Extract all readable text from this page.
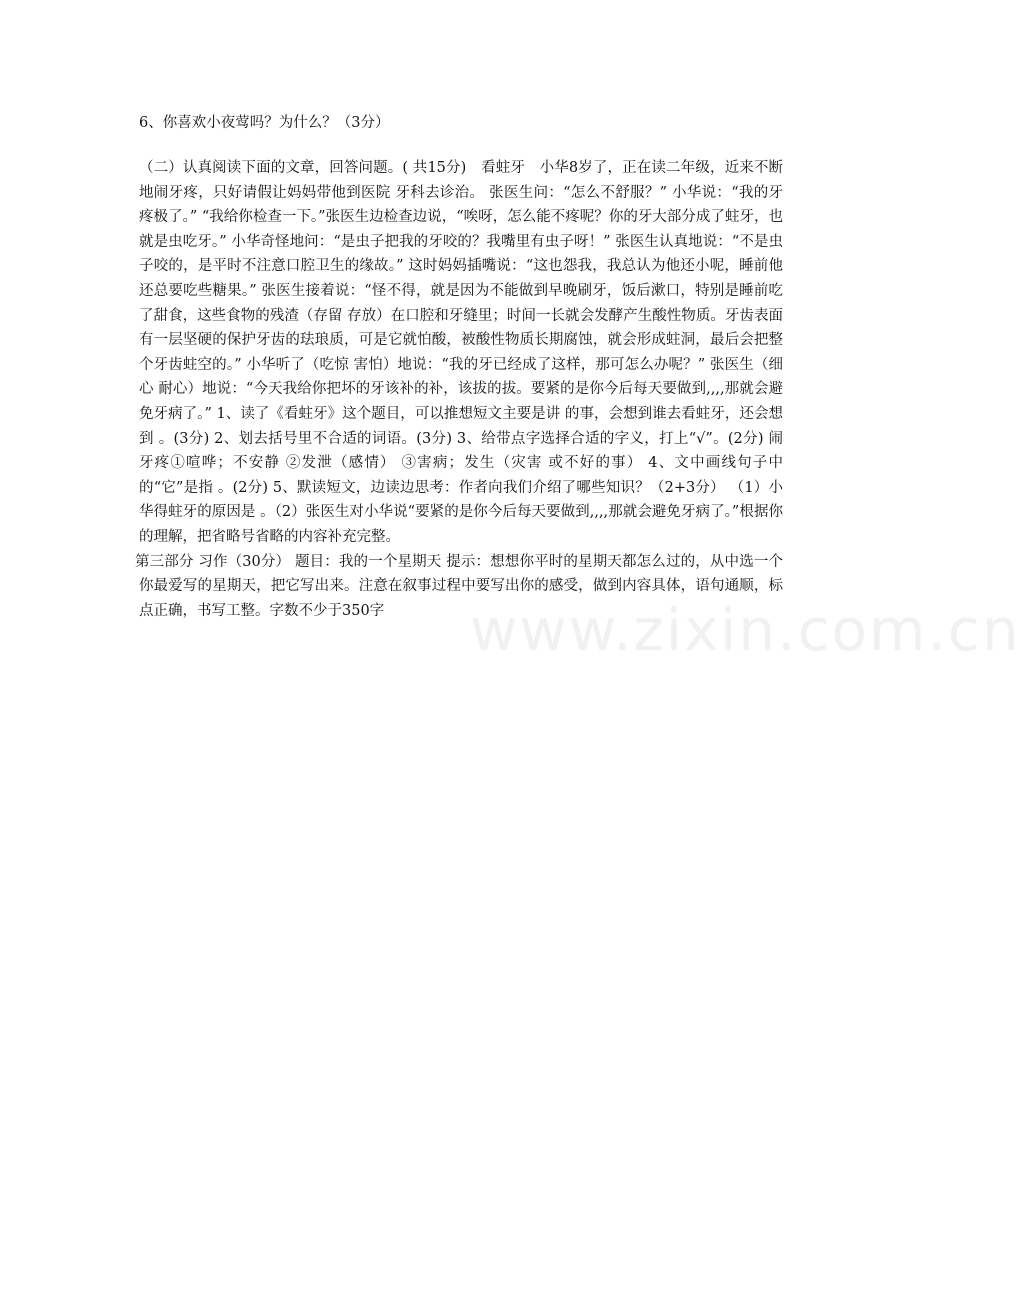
www.zixin.com.cn

6、你喜欢小夜莺吗？为什么？（3分）

（二）认真阅读下面的文章，回答问题。( 共15分)　看蛀牙　小华8岁了，正在读二年级，近来不断地闹牙疼，只好请假让妈妈带他到医院 牙科去诊治。 张医生问：“怎么不舒服？” 小华说：“我的牙疼极了。” “我给你检查一下。”张医生边检查边说，“唉呀，怎么能不疼呢？你的牙大部分成了蛀牙，也就是虫吃牙。” 小华奇怪地问：“是虫子把我的牙咬的？我嘴里有虫子呀！” 张医生认真地说：“不是虫子咬的，是平时不注意口腔卫生的缘故。” 这时妈妈插嘴说：“这也怨我，我总认为他还小呢，睡前他还总要吃些糖果。” 张医生接着说：“怪不得，就是因为不能做到早晚刷牙，饭后漱口，特别是睡前吃了甜食，这些食物的残渣（存留 存放）在口腔和牙缝里；时间一长就会发酵产生酸性物质。牙齿表面有一层坚硬的保护牙齿的珐琅质，可是它就怕酸，被酸性物质长期腐蚀，就会形成蛀洞，最后会把整个牙齿蛀空的。” 小华听了（吃惊 害怕）地说：“我的牙已经成了这样，那可怎么办呢？” 张医生（细心 耐心）地说：“今天我给你把坏的牙该补的补，该拔的拔。要紧的是你今后每天要做到,,,,那就会避免牙病了。” 1、读了《看蛀牙》这个题目，可以推想短文主要是讲 的事，会想到谁去看蛀牙，还会想到 。(3分) 2、划去括号里不合适的词语。(3分) 3、给带点字选择合适的字义，打上“√”。(2分) 闹牙疼①喧哗；不安静 ②发泄（感情） ③害病；发生（灾害 或不好的事） 4、文中画线句子中的“它”是指 。(2分) 5、默读短文，边读边思考：作者向我们介绍了哪些知识？（2+3分） （1）小华得蛀牙的原因是 。（2）张医生对小华说“要紧的是你今后每天要做到,,,,那就会避免牙病了。”根据你的理解，把省略号省略的内容补充完整。

第三部分 习作（30分） 题目：我的一个星期天 提示：想想你平时的星期天都怎么过的，从中选一个你最爱写的星期天，把它写出来。注意在叙事过程中要写出你的感受，做到内容具体，语句通顺，标点正确，书写工整。字数不少于350字
